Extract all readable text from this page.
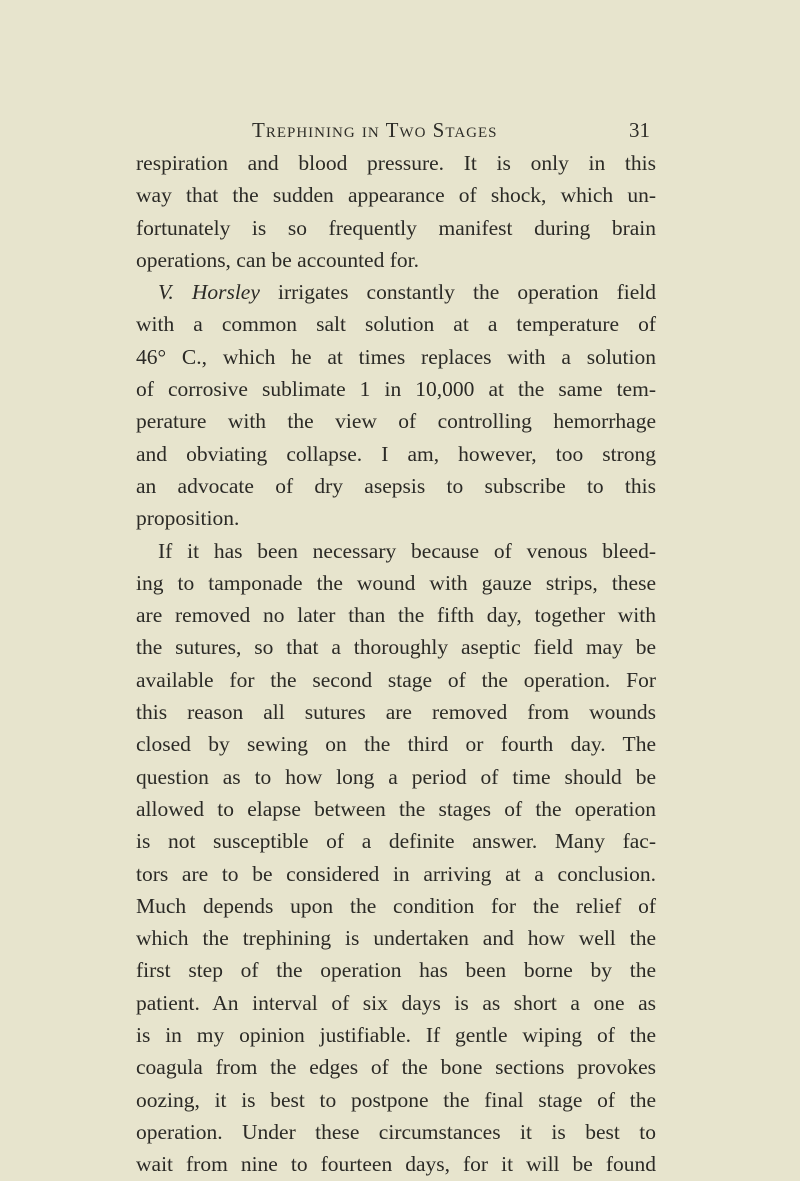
Trephining in Two Stages	31
respiration and blood pressure. It is only in this
way that the sudden appearance of shock, which un-
fortunately is so frequently manifest during brain
operations, can be accounted for.
V. Horsley irrigates constantly the operation field
with a common salt solution at a temperature of
46° C., which he at times replaces with a solution
of corrosive sublimate 1 in 10,000 at the same tem-
perature with the view of controlling hemorrhage
and obviating collapse. I am, however, too strong
an advocate of dry asepsis to subscribe to this
proposition.
If it has been necessary because of venous bleed-
ing to tamponade the wound with gauze strips, these
are removed no later than the fifth day, together with
the sutures, so that a thoroughly aseptic field may be
available for the second stage of the operation. For
this reason all sutures are removed from wounds
closed by sewing on the third or fourth day. The
question as to how long a period of time should be
allowed to elapse between the stages of the operation
is not susceptible of a definite answer. Many fac-
tors are to be considered in arriving at a conclusion.
Much depends upon the condition for the relief of
which the trephining is undertaken and how well the
first step of the operation has been borne by the
patient. An interval of six days is as short a one as
is in my opinion justifiable. If gentle wiping of the
coagula from the edges of the bone sections provokes
oozing, it is best to postpone the final stage of the
operation. Under these circumstances it is best to
wait from nine to fourteen days, for it will be found
